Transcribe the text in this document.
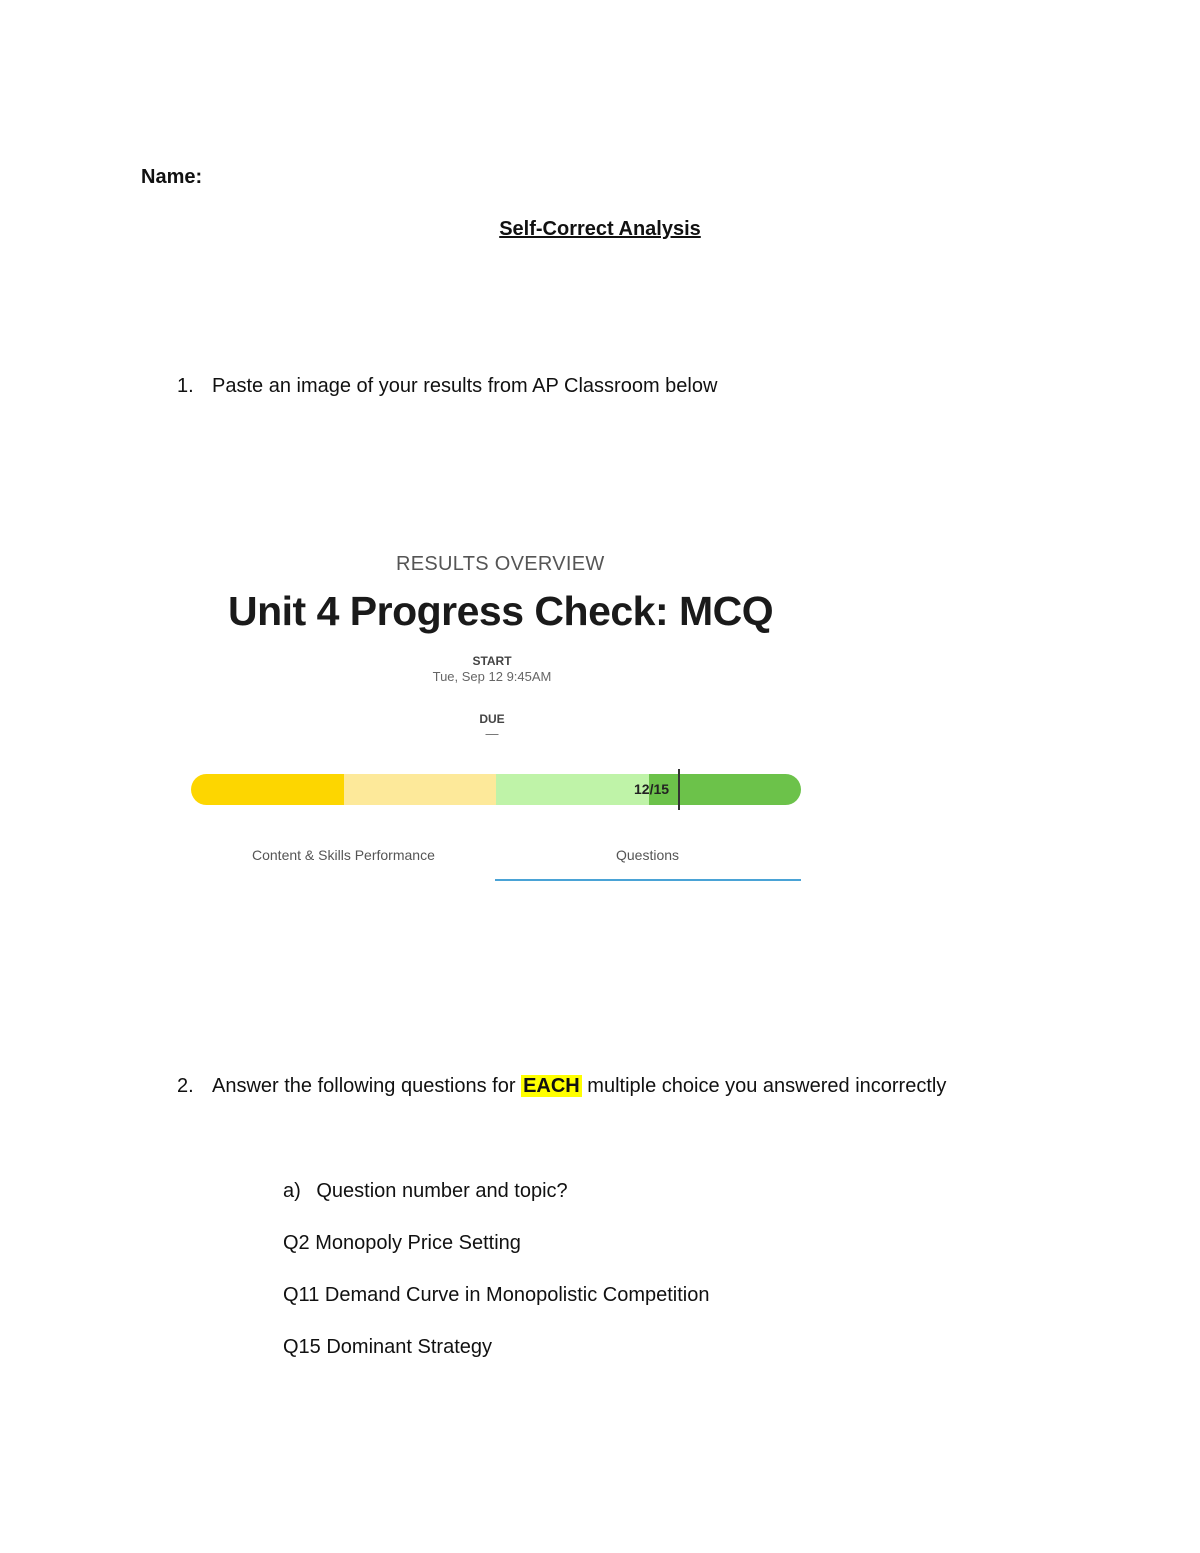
Name:
Self-Correct Analysis
1. Paste an image of your results from AP Classroom below
RESULTS OVERVIEW
Unit 4 Progress Check: MCQ
START
Tue, Sep 12 9:45AM
DUE
—
12/15
Content & Skills Performance	Questions
2. Answer the following questions for EACH multiple choice you answered incorrectly
a) Question number and topic?
Q2 Monopoly Price Setting
Q11 Demand Curve in Monopolistic Competition
Q15 Dominant Strategy
